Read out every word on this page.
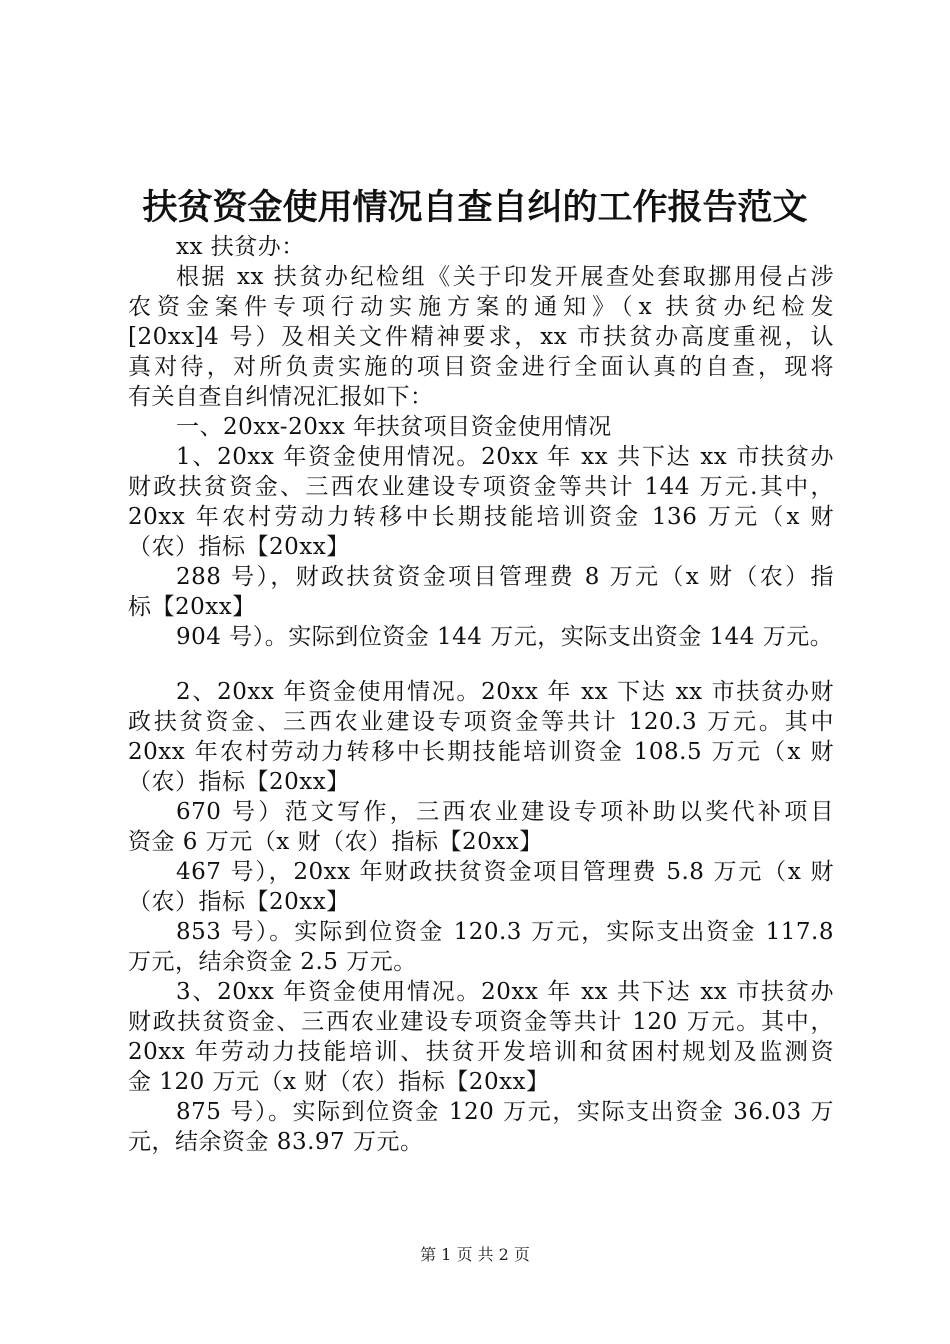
扶贫资金使用情况自查自纠的工作报告范文
xx 扶贫办：
根据 xx 扶贫办纪检组《关于印发开展查处套取挪用侵占涉
农资金案件专项行动实施方案的通知》（x 扶贫办纪检发
[20xx]4 号）及相关文件精神要求，xx 市扶贫办高度重视，认
真对待，对所负责实施的项目资金进行全面认真的自查，现将
有关自查自纠情况汇报如下：
一、20xx-20xx 年扶贫项目资金使用情况
1、20xx 年资金使用情况。20xx 年 xx 共下达 xx 市扶贫办
财政扶贫资金、三西农业建设专项资金等共计 144 万元.其中，
20xx 年农村劳动力转移中长期技能培训资金 136 万元（x 财
（农）指标【20xx】
288 号），财政扶贫资金项目管理费 8 万元（x 财（农）指
标【20xx】
904 号）。实际到位资金 144 万元，实际支出资金 144 万元。
2、20xx 年资金使用情况。20xx 年 xx 下达 xx 市扶贫办财
政扶贫资金、三西农业建设专项资金等共计 120.3 万元。其中
20xx 年农村劳动力转移中长期技能培训资金 108.5 万元（x 财
（农）指标【20xx】
670 号）范文写作，三西农业建设专项补助以奖代补项目
资金 6 万元（x 财（农）指标【20xx】
467 号），20xx 年财政扶贫资金项目管理费 5.8 万元（x 财
（农）指标【20xx】
853 号）。实际到位资金 120.3 万元，实际支出资金 117.8
万元，结余资金 2.5 万元。
3、20xx 年资金使用情况。20xx 年 xx 共下达 xx 市扶贫办
财政扶贫资金、三西农业建设专项资金等共计 120 万元。其中，
20xx 年劳动力技能培训、扶贫开发培训和贫困村规划及监测资
金 120 万元（x 财（农）指标【20xx】
875 号）。实际到位资金 120 万元，实际支出资金 36.03 万
元，结余资金 83.97 万元。
第 1 页 共 2 页
